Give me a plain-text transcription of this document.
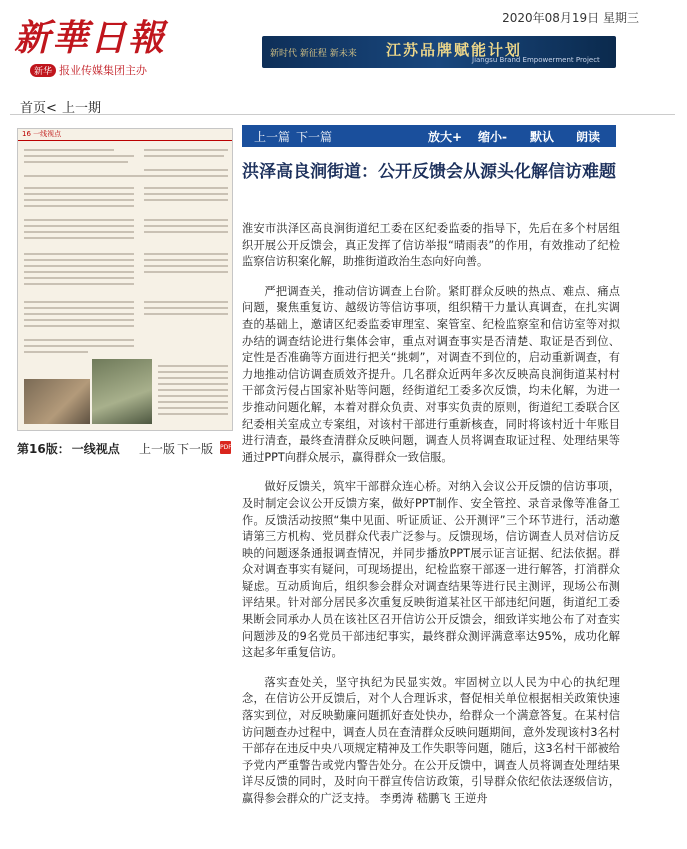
新華日報
新华 报业传媒集团主办
2020年08月19日 星期三
新时代 新征程 新未来 江苏品牌赋能计划
Jiangsu Brand Empowerment Project
首页< 上一期
16 一线视点
第16版： 一线视点 上一版 下一版 PDF
上一篇 下一篇	放大+ 缩小- 默认 朗读
洪泽高良涧街道：公开反馈会从源头化解信访难题

淮安市洪泽区高良涧街道纪工委在区纪委监委的指导下，先后在多个村居组织开展公开反馈会，真正发挥了信访举报“晴雨表”的作用，有效推动了纪检监察信访积案化解，助推街道政治生态向好向善。

严把调查关，推动信访调查上台阶。紧盯群众反映的热点、难点、痛点问题，聚焦重复访、越级访等信访事项，组织精干力量认真调查，在扎实调查的基础上，邀请区纪委监委审理室、案管室、纪检监察室和信访室等对拟办结的调查结论进行集体会审，重点对调查事实是否清楚、取证是否到位、定性是否准确等方面进行把关“挑刺”，对调查不到位的，启动重新调查，有力地推动信访调查质效齐提升。几名群众近两年多次反映高良涧街道某村村干部贪污侵占国家补贴等问题，经街道纪工委多次反馈，均未化解，为进一步推动问题化解，本着对群众负责、对事实负责的原则，街道纪工委联合区纪委相关室成立专案组，对该村干部进行重新核查，同时将该村近十年账目进行清查，最终查清群众反映问题，调查人员将调查取证过程、处理结果等通过PPT向群众展示，赢得群众一致信服。

做好反馈关，筑牢干部群众连心桥。对纳入会议公开反馈的信访事项，及时制定会议公开反馈方案，做好PPT制作、安全管控、录音录像等准备工作。反馈活动按照“集中见面、听证质证、公开测评”三个环节进行，活动邀请第三方机构、党员群众代表广泛参与。反馈现场，信访调查人员对信访反映的问题逐条通报调查情况，并同步播放PPT展示证言证据、纪法依据。群众对调查事实有疑问，可现场提出，纪检监察干部逐一进行解答，打消群众疑虑。互动质询后，组织参会群众对调查结果等进行民主测评，现场公布测评结果。针对部分居民多次重复反映街道某社区干部违纪问题，街道纪工委果断会同承办人员在该社区召开信访公开反馈会，细致详实地公布了对查实问题涉及的9名党员干部违纪事实，最终群众测评满意率达95%，成功化解这起多年重复信访。

落实查处关，坚守执纪为民显实效。牢固树立以人民为中心的执纪理念，在信访公开反馈后，对个人合理诉求，督促相关单位根据相关政策快速落实到位，对反映勤廉问题抓好查处快办，给群众一个满意答复。在某村信访问题查办过程中，调查人员在查清群众反映问题期间，意外发现该村3名村干部存在违反中央八项规定精神及工作失职等问题，随后，这3名村干部被给予党内严重警告或党内警告处分。在公开反馈中，调查人员将调查处理结果详尽反馈的同时，及时向干群宣传信访政策，引导群众依纪依法逐级信访，赢得参会群众的广泛支持。 李勇涛 嵇鹏飞 王逆舟
